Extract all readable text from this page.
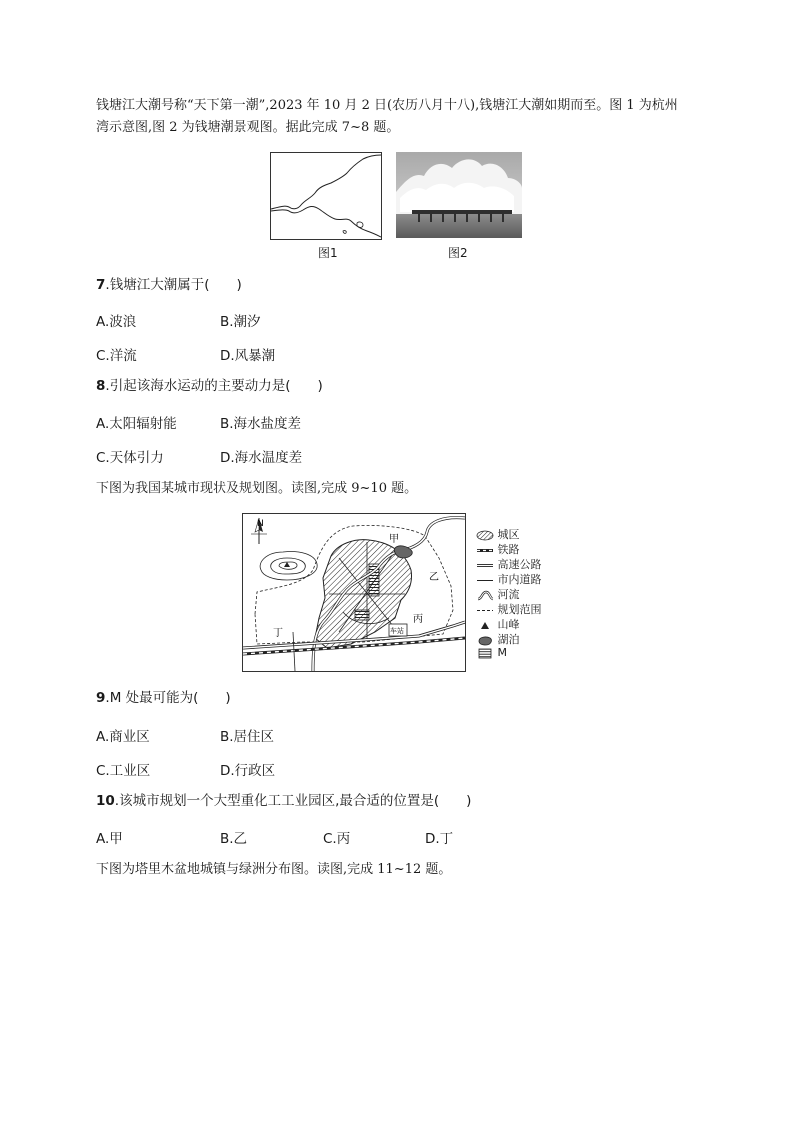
钱塘江大潮号称“天下第一潮”,2023 年 10 月 2 日(农历八月十八),钱塘江大潮如期而至。图 1 为杭州
湾示意图,图 2 为钱塘潮景观图。据此完成 7~8 题。
图1	图2
7.钱塘江大潮属于(　　)
A.波浪	B.潮汐
C.洋流	D.风暴潮
8.引起该海水运动的主要动力是(　　)
A.太阳辐射能	B.海水盐度差
C.天体引力	D.海水温度差
下图为我国某城市现状及规划图。读图,完成 9~10 题。
N
甲
乙
丙
丁	车站
城区
铁路
高速公路
市内道路
河流
规划范围
山峰
湖泊
M
9.M 处最可能为(　　)
A.商业区	B.居住区
C.工业区	D.行政区
10.该城市规划一个大型重化工工业园区,最合适的位置是(　　)
A.甲	B.乙	C.丙	D.丁
下图为塔里木盆地城镇与绿洲分布图。读图,完成 11~12 题。
